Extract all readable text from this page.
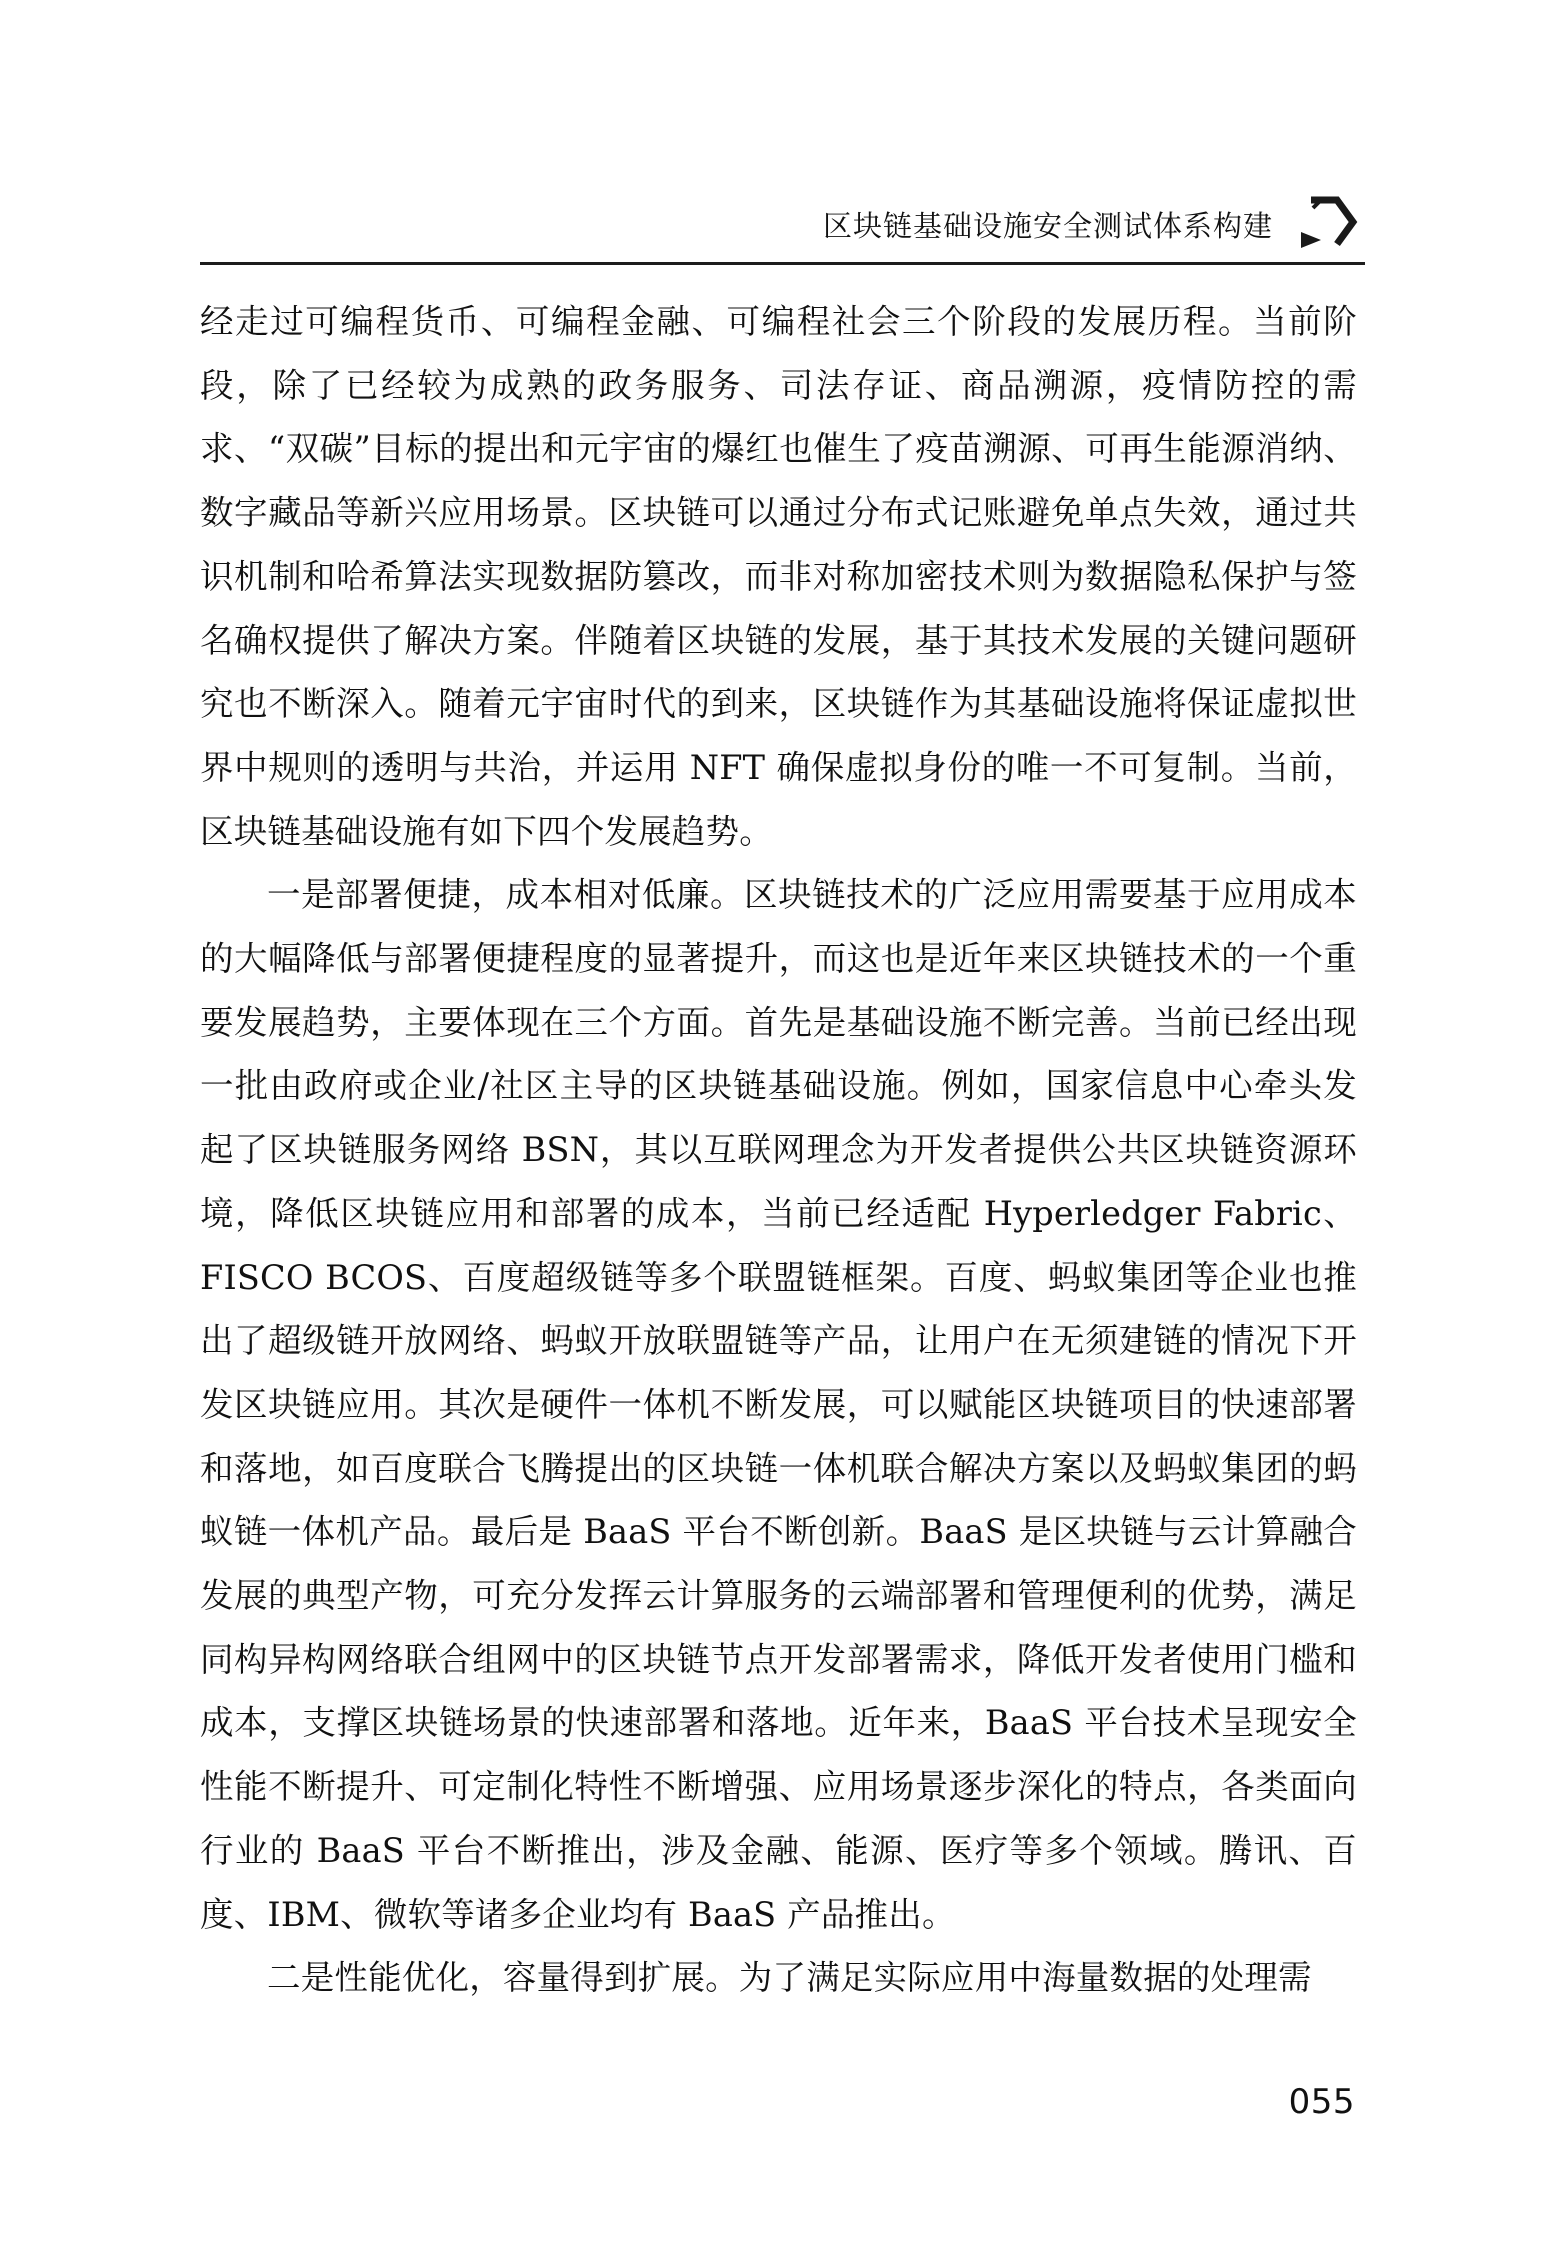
区块链基础设施安全测试体系构建

经走过可编程货币、可编程金融、可编程社会三个阶段的发展历程。当前阶段，除了已经较为成熟的政务服务、司法存证、商品溯源，疫情防控的需求、“双碳”目标的提出和元宇宙的爆红也催生了疫苗溯源、可再生能源消纳、数字藏品等新兴应用场景。区块链可以通过分布式记账避免单点失效，通过共识机制和哈希算法实现数据防篡改，而非对称加密技术则为数据隐私保护与签名确权提供了解决方案。伴随着区块链的发展，基于其技术发展的关键问题研究也不断深入。随着元宇宙时代的到来，区块链作为其基础设施将保证虚拟世界中规则的透明与共治，并运用 NFT 确保虚拟身份的唯一不可复制。当前，区块链基础设施有如下四个发展趋势。

一是部署便捷，成本相对低廉。区块链技术的广泛应用需要基于应用成本的大幅降低与部署便捷程度的显著提升，而这也是近年来区块链技术的一个重要发展趋势，主要体现在三个方面。首先是基础设施不断完善。当前已经出现一批由政府或企业/社区主导的区块链基础设施。例如，国家信息中心牵头发起了区块链服务网络 BSN，其以互联网理念为开发者提供公共区块链资源环境，降低区块链应用和部署的成本，当前已经适配 Hyperledger Fabric、FISCO BCOS、百度超级链等多个联盟链框架。百度、蚂蚁集团等企业也推出了超级链开放网络、蚂蚁开放联盟链等产品，让用户在无须建链的情况下开发区块链应用。其次是硬件一体机不断发展，可以赋能区块链项目的快速部署和落地，如百度联合飞腾提出的区块链一体机联合解决方案以及蚂蚁集团的蚂蚁链一体机产品。最后是 BaaS 平台不断创新。BaaS 是区块链与云计算融合发展的典型产物，可充分发挥云计算服务的云端部署和管理便利的优势，满足同构异构网络联合组网中的区块链节点开发部署需求，降低开发者使用门槛和成本，支撑区块链场景的快速部署和落地。近年来，BaaS 平台技术呈现安全性能不断提升、可定制化特性不断增强、应用场景逐步深化的特点，各类面向行业的 BaaS 平台不断推出，涉及金融、能源、医疗等多个领域。腾讯、百度、IBM、微软等诸多企业均有 BaaS 产品推出。

二是性能优化，容量得到扩展。为了满足实际应用中海量数据的处理需

055
